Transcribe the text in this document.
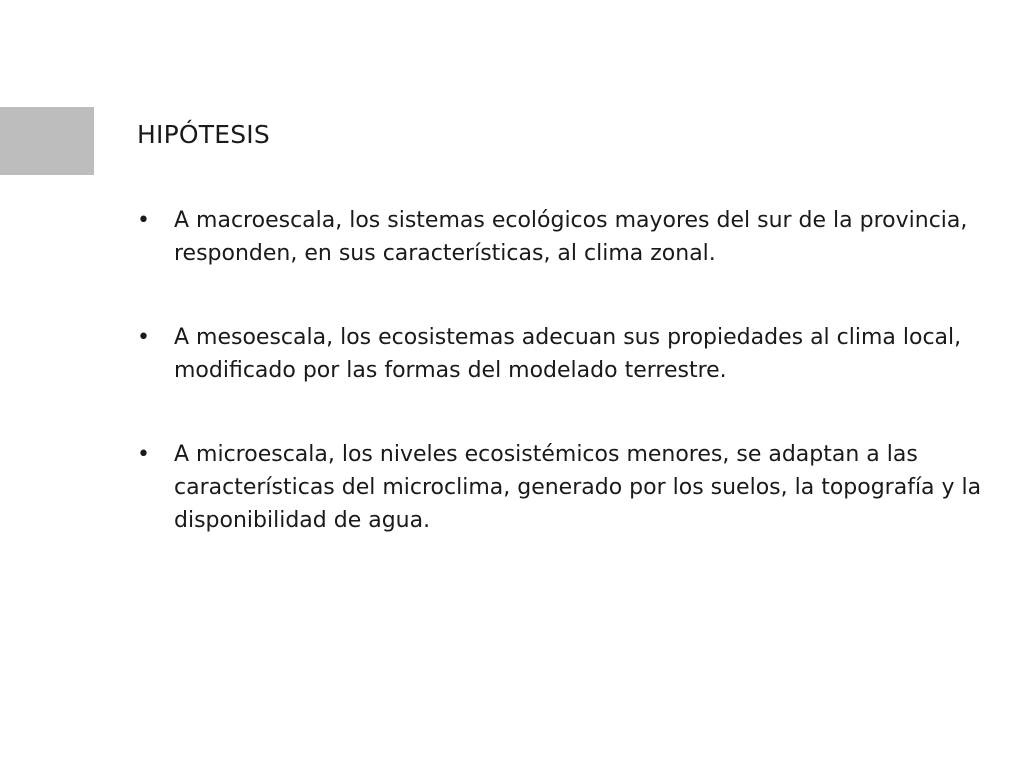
HIPÓTESIS
• A macroescala, los sistemas ecológicos mayores del sur de la provincia, responden, en sus características, al clima zonal.
• A mesoescala, los ecosistemas adecuan sus propiedades al clima local, modificado por las formas del modelado terrestre.
• A microescala, los niveles ecosistémicos menores, se adaptan a las características del microclima, generado por los suelos, la topografía y la disponibilidad de agua.
